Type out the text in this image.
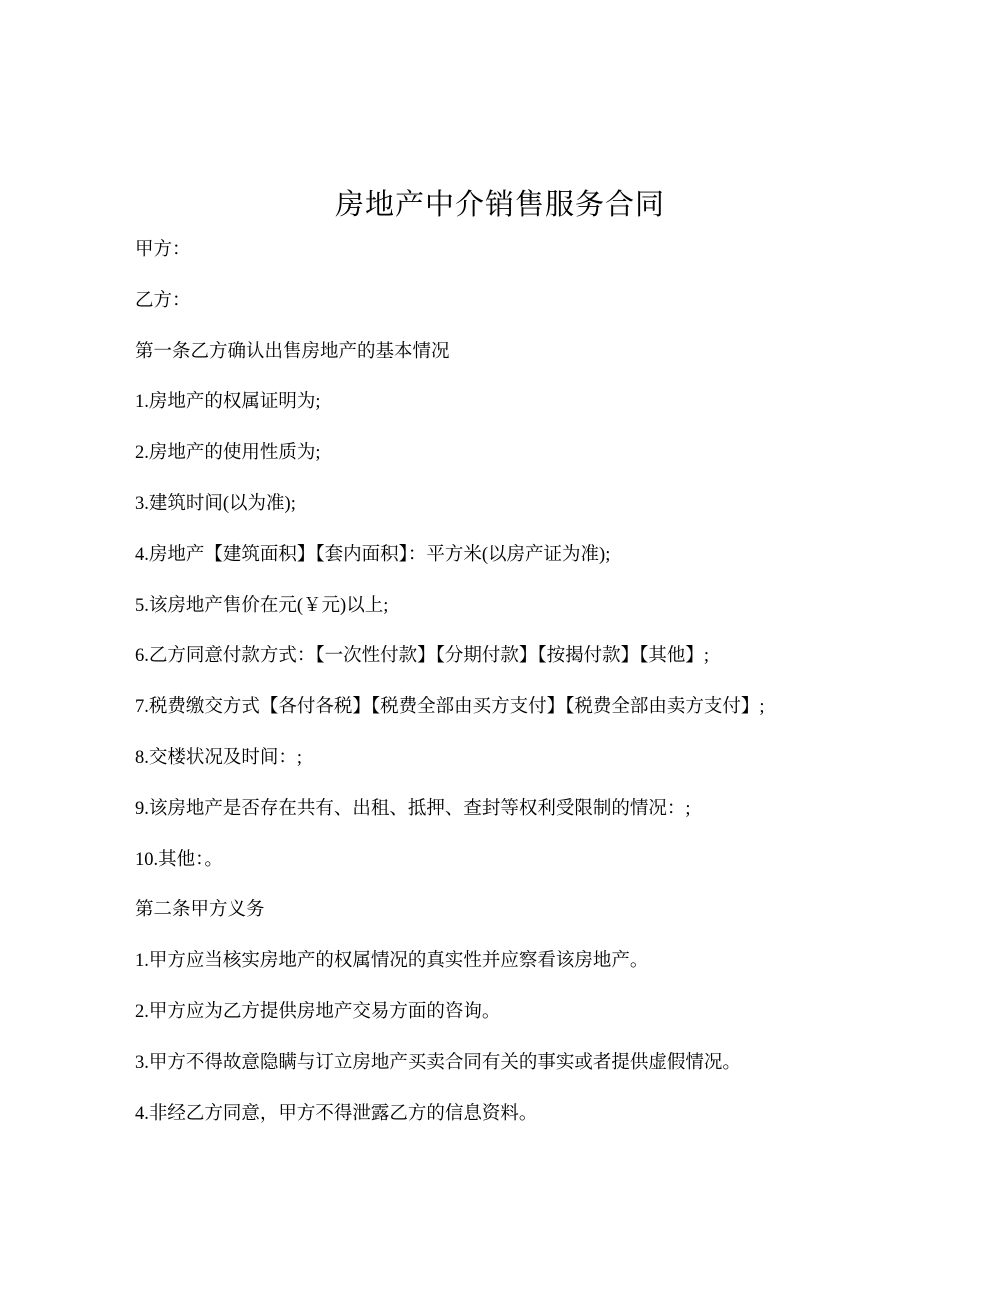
房地产中介销售服务合同
甲方：
乙方：
第一条乙方确认出售房地产的基本情况
1.房地产的权属证明为;
2.房地产的使用性质为;
3.建筑时间(以为准);
4.房地产【建筑面积】【套内面积】：平方米(以房产证为准);
5.该房地产售价在元(￥元)以上;
6.乙方同意付款方式：【一次性付款】【分期付款】【按揭付款】【其他】;
7.税费缴交方式【各付各税】【税费全部由买方支付】【税费全部由卖方支付】;
8.交楼状况及时间：;
9.该房地产是否存在共有、出租、抵押、查封等权利受限制的情况：;
10.其他：。
第二条甲方义务
1.甲方应当核实房地产的权属情况的真实性并应察看该房地产。
2.甲方应为乙方提供房地产交易方面的咨询。
3.甲方不得故意隐瞒与订立房地产买卖合同有关的事实或者提供虚假情况。
4.非经乙方同意，甲方不得泄露乙方的信息资料。
